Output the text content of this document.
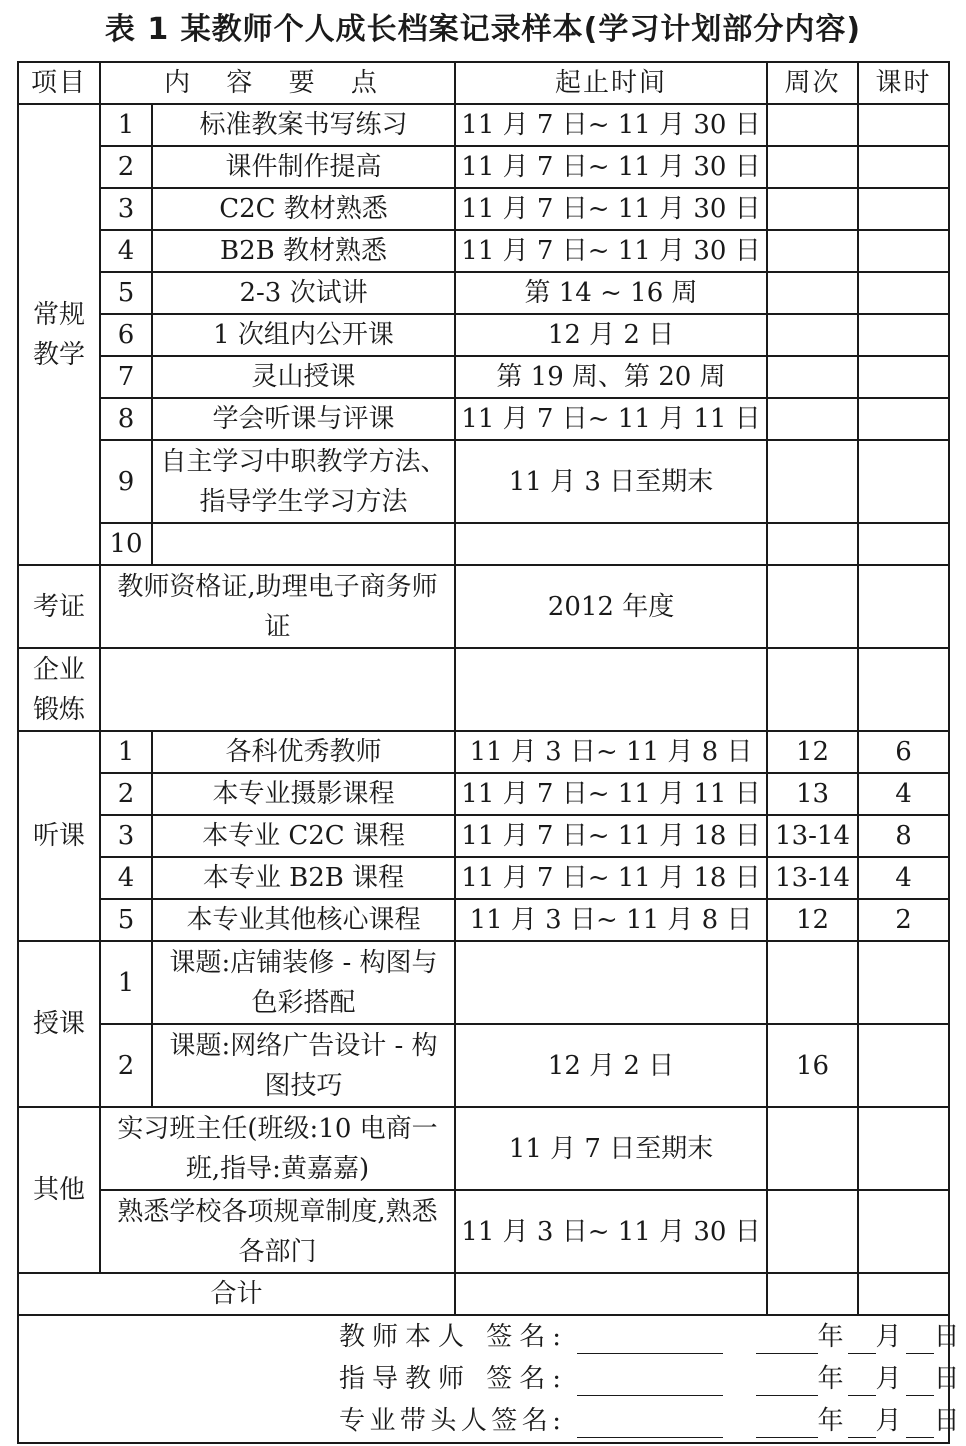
表 1 某教师个人成长档案记录样本(学习计划部分内容)
项目	内 容 要 点		起止时间	周次	课时
常规教学	1	标准教案书写练习	11 月 7 日~ 11 月 30 日		
	2	课件制作提高	11 月 7 日~ 11 月 30 日		
	3	C2C 教材熟悉	11 月 7 日~ 11 月 30 日		
	4	B2B 教材熟悉	11 月 7 日~ 11 月 30 日		
	5	2-3 次试讲	第 14 ~ 16 周		
	6	1 次组内公开课	12 月 2 日		
	7	灵山授课	第 19 周、第 20 周		
	8	学会听课与评课	11 月 7 日~ 11 月 11 日		
	9	自主学习中职教学方法、指导学生学习方法	11 月 3 日至期末		
	10				
考证	教师资格证,助理电子商务师证		2012 年度		
企业锻炼					
听课	1	各科优秀教师	11 月 3 日~ 11 月 8 日	12	6
	2	本专业摄影课程	11 月 7 日~ 11 月 11 日	13	4
	3	本专业 C2C 课程	11 月 7 日~ 11 月 18 日	13-14	8
	4	本专业 B2B 课程	11 月 7 日~ 11 月 18 日	13-14	4
	5	本专业其他核心课程	11 月 3 日~ 11 月 8 日	12	2
授课	1	课题:店铺装修 - 构图与色彩搭配			
	2	课题:网络广告设计 - 构图技巧	12 月 2 日	16	
其他	实习班主任(班级:10 电商一班,指导:黄嘉嘉)		11 月 7 日至期末		
	熟悉学校各项规章制度,熟悉各部门		11 月 3 日~ 11 月 30 日		
合计					

教师本人 签名: 年 月 日
指导教师 签名: 年 月 日
专业带头人签名: 年 月 日					
